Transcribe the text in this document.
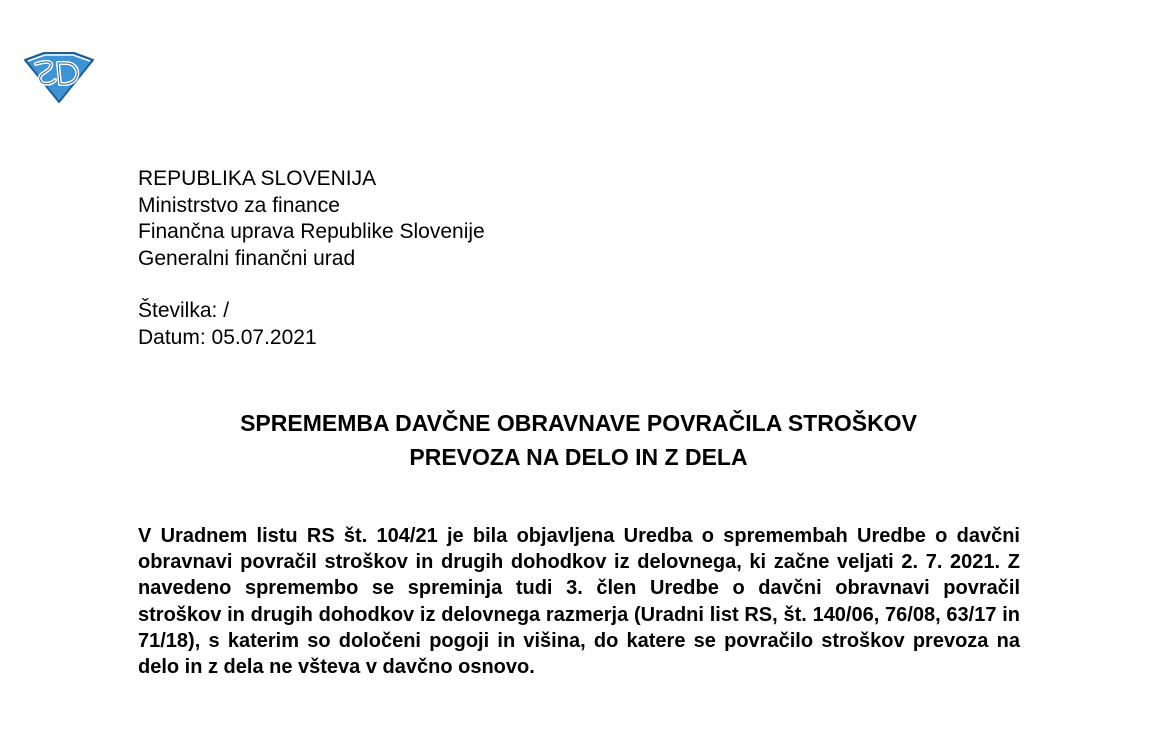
REPUBLIKA SLOVENIJA
Ministrstvo za finance
Finančna uprava Republike Slovenije
Generalni finančni urad
Številka: /
Datum: 05.07.2021
SPREMEMBA DAVČNE OBRAVNAVE POVRAČILA STROŠKOV
PREVOZA NA DELO IN Z DELA
V Uradnem listu RS št. 104/21 je bila objavljena Uredba o spremembah Uredbe o davčni obravnavi povračil stroškov in drugih dohodkov iz delovnega, ki začne veljati 2. 7. 2021. Z navedeno spremembo se spreminja tudi 3. člen Uredbe o davčni obravnavi povračil stroškov in drugih dohodkov iz delovnega razmerja (Uradni list RS, št. 140/06, 76/08, 63/17 in 71/18), s katerim so določeni pogoji in višina, do katere se povračilo stroškov prevoza na delo in z dela ne všteva v davčno osnovo.
